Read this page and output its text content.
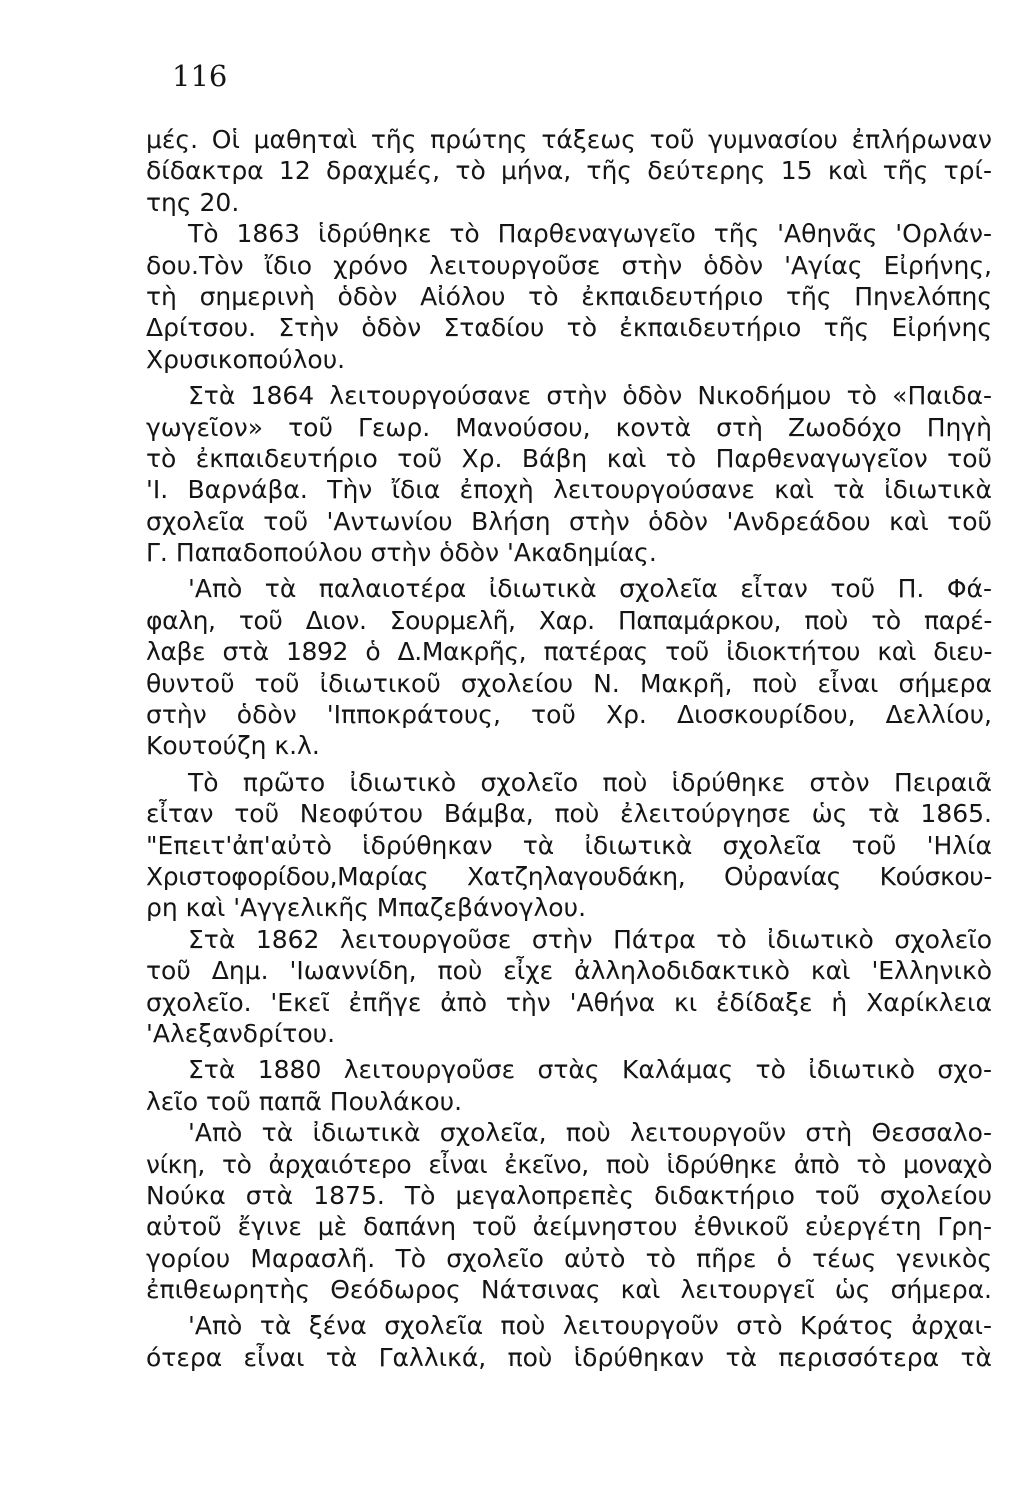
116
μές. Οἱ μαθηταὶ τῆς πρώτης τάξεως τοῦ γυμνασίου ἐπλήρωναν
δίδακτρα 12 δραχμές, τὸ μήνα, τῆς δεύτερης 15 καὶ τῆς τρί-
της 20.
Τὸ 1863 ἱδρύθηκε τὸ Παρθεναγωγεῖο τῆς 'Αθηνᾶς 'Ορλάν-
δου.Τὸν ἴδιο χρόνο λειτουργοῦσε στὴν ὁδὸν 'Αγίας Εἰρήνης,
τὴ σημερινὴ ὁδὸν Αἰόλου τὸ ἐκπαιδευτήριο τῆς Πηνελόπης
Δρίτσου. Στὴν ὁδὸν Σταδίου τὸ ἐκπαιδευτήριο τῆς Εἰρήνης
Χρυσικοπούλου.
Στὰ 1864 λειτουργούσανε στὴν ὁδὸν Νικοδήμου τὸ «Παιδα-
γωγεῖον» τοῦ Γεωρ. Μανούσου, κοντὰ στὴ Ζωοδόχο Πηγὴ
τὸ ἐκπαιδευτήριο τοῦ Χρ. Βάβη καὶ τὸ Παρθεναγωγεῖον τοῦ
'Ι. Βαρνάβα. Τὴν ἴδια ἐποχὴ λειτουργούσανε καὶ τὰ ἰδιωτικὰ
σχολεῖα τοῦ 'Αντωνίου Βλήση στὴν ὁδὸν 'Ανδρεάδου καὶ τοῦ
Γ. Παπαδοπούλου στὴν ὁδὸν 'Ακαδημίας.
'Απὸ τὰ παλαιοτέρα ἰδιωτικὰ σχολεῖα εἶταν τοῦ Π. Φά-
φαλη, τοῦ Διον. Σουρμελῆ, Χαρ. Παπαμάρκου, ποὺ τὸ παρέ-
λαβε στὰ 1892 ὁ Δ.Μακρῆς, πατέρας τοῦ ἰδιοκτήτου καὶ διευ-
θυντοῦ τοῦ ἰδιωτικοῦ σχολείου Ν. Μακρῆ, ποὺ εἶναι σήμερα
στὴν ὁδὸν 'Ιπποκράτους, τοῦ Χρ. Διοσκουρίδου, Δελλίου,
Κουτούζη κ.λ.
Τὸ πρῶτο ἰδιωτικὸ σχολεῖο ποὺ ἱδρύθηκε στὸν Πειραιᾶ
εἶταν τοῦ Νεοφύτου Βάμβα, ποὺ ἐλειτούργησε ὡς τὰ 1865.
"Επειτ'ἀπ'αὐτὸ ἱδρύθηκαν τὰ ἰδιωτικὰ σχολεῖα τοῦ 'Ηλία
Χριστοφορίδου,Μαρίας Χατζηλαγουδάκη, Οὐρανίας Κούσκου-
ρη καὶ 'Αγγελικῆς Μπαζεβάνογλου.
Στὰ 1862 λειτουργοῦσε στὴν Πάτρα τὸ ἰδιωτικὸ σχολεῖο
τοῦ Δημ. 'Ιωαννίδη, ποὺ εἶχε ἀλληλοδιδακτικὸ καὶ 'Ελληνικὸ
σχολεῖο. 'Εκεῖ ἐπῆγε ἀπὸ τὴν 'Αθήνα κι ἐδίδαξε ἡ Χαρίκλεια
'Αλεξανδρίτου.
Στὰ 1880 λειτουργοῦσε στὰς Καλάμας τὸ ἰδιωτικὸ σχο-
λεῖο τοῦ παπᾶ Πουλάκου.
'Απὸ τὰ ἰδιωτικὰ σχολεῖα, ποὺ λειτουργοῦν στὴ Θεσσαλο-
νίκη, τὸ ἀρχαιότερο εἶναι ἐκεῖνο, ποὺ ἱδρύθηκε ἀπὸ τὸ μοναχὸ
Νούκα στὰ 1875. Τὸ μεγαλοπρεπὲς διδακτήριο τοῦ σχολείου
αὐτοῦ ἔγινε μὲ δαπάνη τοῦ ἀείμνηστου ἐθνικοῦ εὐεργέτη Γρη-
γορίου Μαρασλῆ. Τὸ σχολεῖο αὐτὸ τὸ πῆρε ὁ τέως γενικὸς
ἐπιθεωρητὴς Θεόδωρος Νάτσινας καὶ λειτουργεῖ ὡς σήμερα.
'Απὸ τὰ ξένα σχολεῖα ποὺ λειτουργοῦν στὸ Κράτος ἀρχαι-
ότερα εἶναι τὰ Γαλλικά, ποὺ ἱδρύθηκαν τὰ περισσότερα τὰ
